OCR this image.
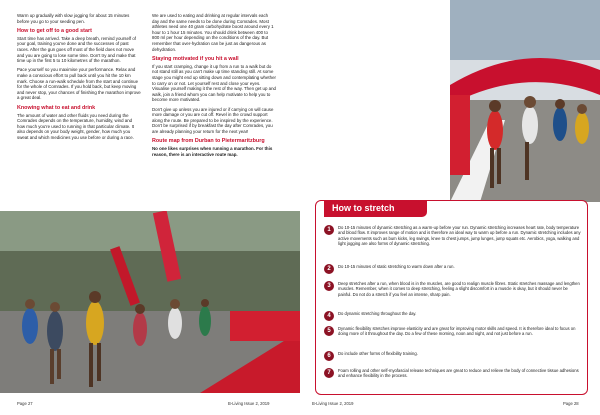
Warm up gradually with slow jogging for about 15 minutes before you go to your seeding pen.

How to get off to a good start

Start time has arrived. Take a deep breath, remind yourself of your goal, training you've done and the successes of past races. After the gun goes off most of the field does not move and you are going to lose some time. Don't try and make that time up in the first 5 to 10 kilometres of the marathon.

Pace yourself so you maximise your performance. Relax and make a conscious effort to pull back until you hit the 10 km mark. Choose a run-walk schedule from the start and continue for the whole of Comrades. If you hold back, but keep moving and never stop, your chances of finishing the marathon improve a great deal.

Knowing what to eat and drink

The amount of water and other fluids you need during the Comrades depends on the temperature, humidity, wind and how much you're used to running in that particular climate. It also depends on your body weight, gender, how much you sweat and which medicines you use before or during a race.

We are used to eating and drinking at regular intervals each day and the same needs to be done during Comrades. Most athletes need one 40 gram carbohydrate boost around every 1 hour to 1 hour 15 minutes. You should drink between 400 to 800 ml per hour depending on the conditions of the day. But remember that over-hydration can be just as dangerous as dehydration.

Staying motivated if you hit a wall

If you start cramping, change it up from a run to a walk but do not stand still as you can't make up time standing still. At some stage you might end up sitting down and contemplating whether to carry on or not. Let yourself rest and close your eyes. Visualise yourself making it the rest of the way. Then get up and walk, join a friend whom you can help motivate to help you to become more motivated.

Don't give up unless you are injured or if carrying on will cause more damage or you are cut off. Revel in the crowd support along the route. Be prepared to be inspired by the experience. Don't be surprised if by breakfast the day after Comrades, you are already planning your return for the next year!

Route map from Durban to Pietermaritzburg

No one likes surprises when running a marathon. For this reason, there is an interactive route map.

Page 27	B-Living Issue 2, 2019
How to stretch
1	Do 10-15 minutes of dynamic stretching as a warm-up before your run. Dynamic stretching increases heart rate, body temperature and blood flow. It improves range of motion and is therefore an ideal way to warm up before a run. Dynamic stretching includes any active movements such as bum kicks, leg swings, knee to chest jumps, jump lunges, jump squats etc. Aerobics, yoga, walking and light jogging are also forms of dynamic stretching.
2	Do 10-15 minutes of static stretching to warm down after a run.
3	Deep stretches after a run, when blood is in the muscles, are good to realign muscle fibres. Static stretches massage and lengthen muscles. Remember, when it comes to deep stretching, feeling a slight discomfort in a muscle is okay, but it should never be painful. Do not do a stretch if you feel an intense, sharp pain.
4	Do dynamic stretching throughout the day.
5	Dynamic flexibility stretches improve elasticity and are great for improving motor skills and speed. It is therefore ideal to focus on doing more of it throughout the day. Do a few of these morning, noon and night, and not just before a run.
6	Do include other forms of flexibility training.
7	Foam rolling and other self-myofascial release techniques are great to reduce and relieve the body of connective tissue adhesions and enhance flexibility in the process.
B-Living Issue 2, 2019	Page 28
